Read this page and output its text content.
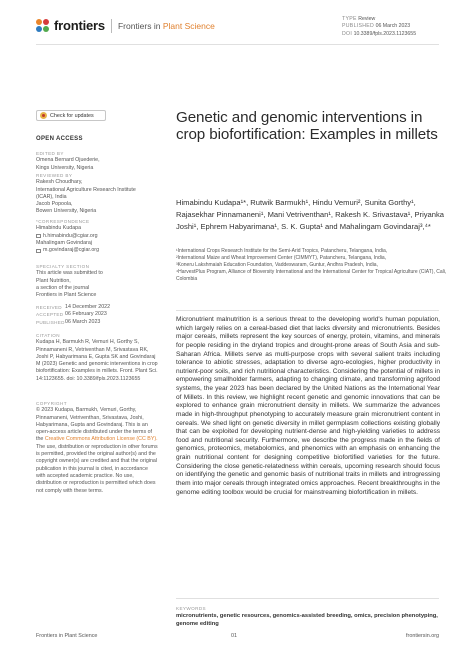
frontiers Frontiers in Plant Science
TYPE Review
PUBLISHED 06 March 2023
DOI 10.3389/fpls.2023.1123655
Check for updates
OPEN ACCESS
EDITED BY
Omena Bernard Ojuederie,
Kings University, Nigeria
REVIEWED BY
Rakesh Choudhary,
International Agriculture Research Institute
(ICAR), India
Jacob Popoola,
Bowen University, Nigeria
*CORRESPONDENCE
Himabindu Kudapa
h.himabindu@cgiar.org
Mahalingam Govindaraj
m.govindaraj@cgiar.org
SPECIALTY SECTION
This article was submitted to
Plant Nutrition,
a section of the journal
Frontiers in Plant Science
RECEIVED 14 December 2022
ACCEPTED 06 February 2023
PUBLISHED 06 March 2023
CITATION
Kudapa H, Barmukh R, Vemuri H, Gorthy S, Pinnamaneni R, Vetriventhan M, Srivastava RK, Joshi P, Habyarimana E, Gupta SK and Govindaraj M (2023) Genetic and genomic interventions in crop biofortification: Examples in millets. Front. Plant Sci. 14:1123655. doi: 10.3389/fpls.2023.1123655
COPYRIGHT
© 2023 Kudapa, Barmukh, Vemuri, Gorthy, Pinnamaneni, Vetriventhan, Srivastava, Joshi, Habyarimana, Gupta and Govindaraj. This is an open-access article distributed under the terms of the Creative Commons Attribution License (CC BY). The use, distribution or reproduction in other forums is permitted, provided the original author(s) and the copyright owner(s) are credited and that the original publication in this journal is cited, in accordance with accepted academic practice. No use, distribution or reproduction is permitted which does not comply with these terms.
Genetic and genomic interventions in crop biofortification: Examples in millets
Himabindu Kudapa¹*, Rutwik Barmukh¹, Hindu Vemuri², Sunita Gorthy¹, Rajasekhar Pinnamaneni¹, Mani Vetriventhan¹, Rakesh K. Srivastava¹, Priyanka Joshi¹, Ephrem Habyarimana¹, S. K. Gupta¹ and Mahalingam Govindaraj³,⁴*
¹International Crops Research Institute for the Semi-Arid Tropics, Patancheru, Telangana, India,
²International Maize and Wheat Improvement Center (CIMMYT), Patancheru, Telangana, India,
³Koneru Lakshmaiah Education Foundation, Vaddeswaram, Guntur, Andhra Pradesh, India,
⁴HarvestPlus Program, Alliance of Bioversity International and the International Center for Tropical Agriculture (CIAT), Cali, Colombia

Micronutrient malnutrition is a serious threat to the developing world's human population, which largely relies on a cereal-based diet that lacks diversity and micronutrients. Besides major cereals, millets represent the key sources of energy, protein, vitamins, and minerals for people residing in the dryland tropics and drought-prone areas of South Asia and sub-Saharan Africa. Millets serve as multi-purpose crops with several salient traits including tolerance to abiotic stresses, adaptation to diverse agro-ecologies, higher productivity in nutrient-poor soils, and rich nutritional characteristics. Considering the potential of millets in empowering smallholder farmers, adapting to changing climate, and transforming agrifood systems, the year 2023 has been declared by the United Nations as the International Year of Millets. In this review, we highlight recent genetic and genomic innovations that can be explored to enhance grain micronutrient density in millets. We summarize the advances made in high-throughput phenotyping to accurately measure grain micronutrient content in cereals. We shed light on genetic diversity in millet germplasm collections existing globally that can be exploited for developing nutrient-dense and high-yielding varieties to address food and nutritional security. Furthermore, we describe the progress made in the fields of genomics, proteomics, metabolomics, and phenomics with an emphasis on enhancing the grain nutritional content for designing competitive biofortified varieties for the future. Considering the close genetic-relatedness within cereals, upcoming research should focus on identifying the genetic and genomic basis of nutritional traits in millets and introgressing them into major cereals through integrated omics approaches. Recent breakthroughs in the genome editing toolbox would be crucial for mainstreaming biofortification in millets.

KEYWORDS
micronutrients, genetic resources, genomics-assisted breeding, omics, precision phenotyping, genome editing
Frontiers in Plant Science	01	frontiersin.org
